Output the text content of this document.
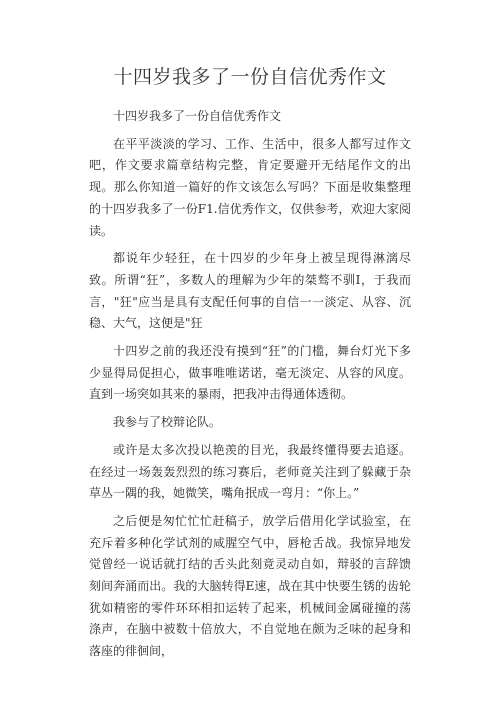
十四岁我多了一份自信优秀作文

十四岁我多了一份自信优秀作文

在平平淡淡的学习、工作、生活中，很多人都写过作文吧，作文要求篇章结构完整，肯定要避开无结尾作文的出现。那么你知道一篇好的作文该怎么写吗？下面是收集整理的十四岁我多了一份F1.信优秀作文，仅供参考，欢迎大家阅读。

都说年少轻狂，在十四岁的少年身上被呈现得淋漓尽致。所谓“狂”，多数人的理解为少年的桀骜不驯I，于我而言，"狂"应当是具有支配任何事的自信一一淡定、从容、沉稳、大气，这便是"狂

十四岁之前的我还没有摸到“狂”的门槛，舞台灯光下多少显得局促担心，做事唯唯诺诺，毫无淡定、从容的风度。直到一场突如其来的暴雨，把我冲击得通体透彻。

我参与了校辩论队。

或许是太多次投以艳羡的目光，我最终懂得要去追逐。在经过一场轰轰烈烈的练习赛后，老师竟关注到了躲藏于杂草丛一隅的我，她微笑，嘴角抿成一弯月：“你上。”

之后便是匆忙忙忙赶稿子，放学后借用化学试验室，在充斥着多种化学试剂的咸腥空气中，唇枪舌战。我惊异地发觉曾经一说话就打结的舌头此刻竟灵动自如，辩驳的言辞馈刻间奔涌而出。我的大脑转得E速，战在其中快要生锈的齿轮犹如精密的零件环环相扣运转了起来，机械间金属碰撞的荡涤声，在脑中被数十倍放大，不自觉地在颇为乏味的起身和落座的徘徊间，
